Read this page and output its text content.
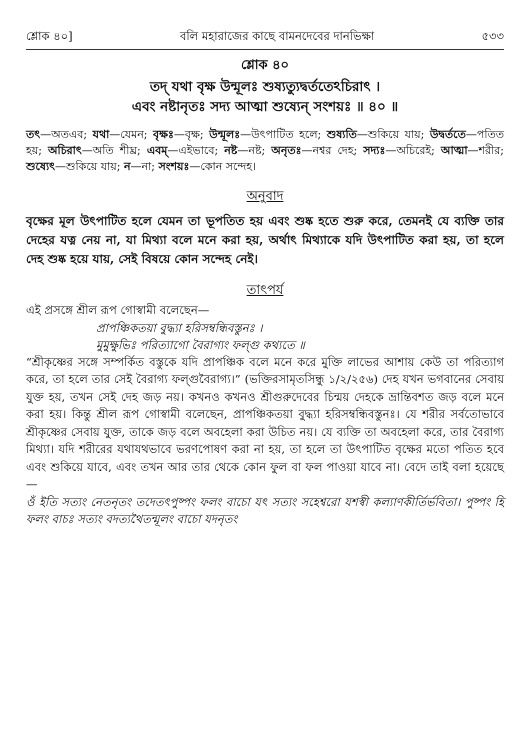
শ্লোক ৪০]	বলি মহারাজের কাছে বামনদেবের দানভিক্ষা	৫৩৩
শ্লোক ৪০
তদ্ যথা বৃক্ষ উন্মূলঃ শুষ্যত্যুদ্বর্ততেঽচিরাৎ ।
এবং নষ্টানৃতঃ সদ্য আত্মা শুষ্যেন্ সংশয়ঃ ॥ ৪০ ॥
তৎ—অতএব; যথা—যেমন; বৃক্ষঃ—বৃক্ষ; উন্মূলঃ—উৎপাটিত হলে; শুষ্যতি—শুকিয়ে যায়; উদ্বর্ততে—পতিত হয়; অচিরাৎ—অতি শীঘ্র; এবম্—এইভাবে; নষ্ট—নষ্ট; অনৃতঃ—নশ্বর দেহ; সদ্যঃ—অচিরেই; আত্মা—শরীর; শুষ্যেৎ—শুকিয়ে যায়; ন—না; সংশয়ঃ—কোন সন্দেহ।
অনুবাদ
বৃক্ষের মূল উৎপাটিত হলে যেমন তা ভূপতিত হয় এবং শুষ্ক হতে শুরু করে, তেমনই যে ব্যক্তি তার দেহের যত্ন নেয় না, যা মিথ্যা বলে মনে করা হয়, অর্থাৎ মিথ্যাকে যদি উৎপাটিত করা হয়, তা হলে দেহ শুষ্ক হয়ে যায়, সেই বিষয়ে কোন সন্দেহ নেই।
তাৎপর্য
এই প্রসঙ্গে শ্রীল রূপ গোস্বামী বলেছেন—
প্রাপঞ্চিকতয়া বুদ্ধ্যা হরিসম্বন্ধিবস্তুনঃ ।
মুমুক্ষুভিঃ পরিত্যাগো বৈরাগ্যং ফল্গু কথ্যতে ॥

“শ্রীকৃষ্ণের সঙ্গে সম্পর্কিত বস্তুকে যদি প্রাপঞ্চিক বলে মনে করে মুক্তি লাভের আশায় কেউ তা পরিত্যাগ করে, তা হলে তার সেই বৈরাগ্য ফল্গুবৈরাগ্য।” (ভক্তিরসামৃতসিন্ধু ১/২/২৫৬) দেহ যখন ভগবানের সেবায় যুক্ত হয়, তখন সেই দেহ জড় নয়। কখনও কখনও শ্রীগুরুদেবের চিন্ময় দেহকে ভ্রান্তিবশত জড় বলে মনে করা হয়। কিন্তু শ্রীল রূপ গোস্বামী বলেছেন, প্রাপঞ্চিকতয়া বুদ্ধ্যা হরিসম্বন্ধিবস্তুনঃ। যে শরীর সর্বতোভাবে শ্রীকৃষ্ণের সেবায় যুক্ত, তাকে জড় বলে অবহেলা করা উচিত নয়। যে ব্যক্তি তা অবহেলা করে, তার বৈরাগ্য মিথ্যা। যদি শরীরের যথাযথভাবে ভরণপোষণ করা না হয়, তা হলে তা উৎপাটিত বৃক্ষের মতো পতিত হবে এবং শুকিয়ে যাবে, এবং তখন আর তার থেকে কোন ফুল বা ফল পাওয়া যাবে না। বেদে তাই বলা হয়েছে—

ওঁ ইতি সত্যং নেতনৃতং তদেতৎপুষ্পং ফলং বাচো যৎ সত্যং সহেশ্বরো যশস্বী কল্যাণকীর্তির্ভবিতা। পুষ্পং হি ফলং বাচঃ সত্যং বদত্যথৈতন্মূলং বাচো যদনৃতং
